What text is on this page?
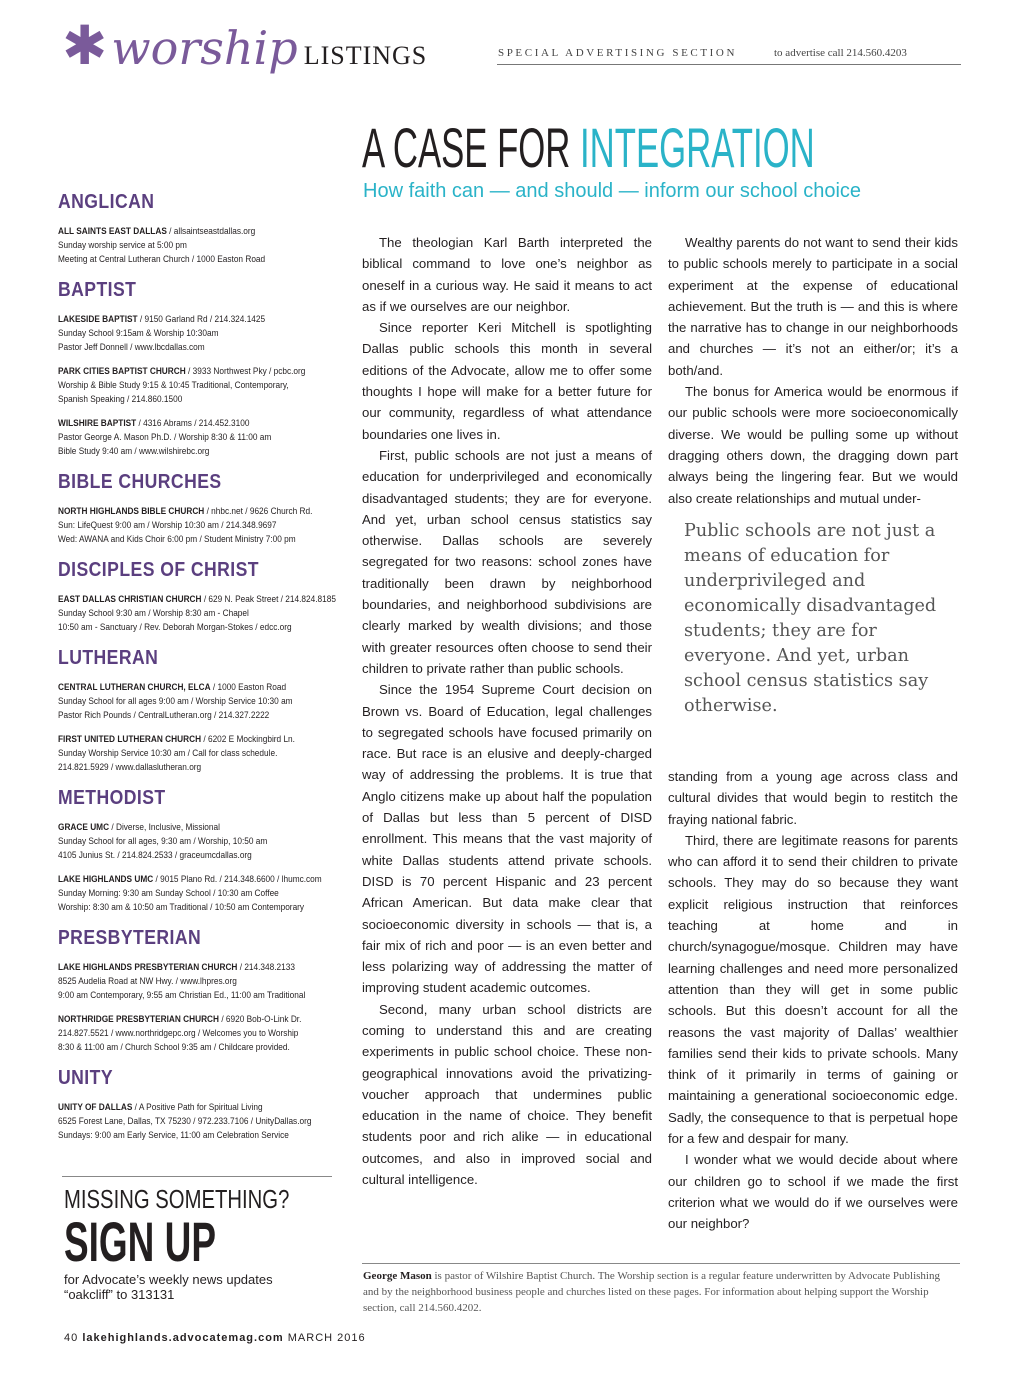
✱ worship LISTINGS	SPECIAL ADVERTISING SECTION	to advertise call 214.560.4203
ANGLICAN
ALL SAINTS EAST DALLAS / allsaintseastdallas.org
Sunday worship service at 5:00 pm
Meeting at Central Lutheran Church / 1000 Easton Road
BAPTIST
LAKESIDE BAPTIST / 9150 Garland Rd / 214.324.1425
Sunday School 9:15am & Worship 10:30am
Pastor Jeff Donnell / www.lbcdallas.com
PARK CITIES BAPTIST CHURCH / 3933 Northwest Pky / pcbc.org
Worship & Bible Study 9:15 & 10:45 Traditional, Contemporary,
Spanish Speaking / 214.860.1500
WILSHIRE BAPTIST / 4316 Abrams / 214.452.3100
Pastor George A. Mason Ph.D. / Worship 8:30 & 11:00 am
Bible Study 9:40 am / www.wilshirebc.org
BIBLE CHURCHES
NORTH HIGHLANDS BIBLE CHURCH / nhbc.net / 9626 Church Rd.
Sun: LifeQuest 9:00 am / Worship 10:30 am / 214.348.9697
Wed: AWANA and Kids Choir 6:00 pm / Student Ministry 7:00 pm
DISCIPLES OF CHRIST
EAST DALLAS CHRISTIAN CHURCH / 629 N. Peak Street / 214.824.8185
Sunday School 9:30 am / Worship 8:30 am - Chapel
10:50 am - Sanctuary / Rev. Deborah Morgan-Stokes / edcc.org
LUTHERAN
CENTRAL LUTHERAN CHURCH, ELCA / 1000 Easton Road
Sunday School for all ages 9:00 am / Worship Service 10:30 am
Pastor Rich Pounds / CentralLutheran.org / 214.327.2222
FIRST UNITED LUTHERAN CHURCH / 6202 E Mockingbird Ln.
Sunday Worship Service 10:30 am / Call for class schedule.
214.821.5929 / www.dallaslutheran.org
METHODIST
GRACE UMC / Diverse, Inclusive, Missional
Sunday School for all ages, 9:30 am / Worship, 10:50 am
4105 Junius St. / 214.824.2533 / graceumcdallas.org
LAKE HIGHLANDS UMC / 9015 Plano Rd. / 214.348.6600 / lhumc.com
Sunday Morning: 9:30 am Sunday School / 10:30 am Coffee
Worship: 8:30 am & 10:50 am Traditional / 10:50 am Contemporary
PRESBYTERIAN
LAKE HIGHLANDS PRESBYTERIAN CHURCH / 214.348.2133
8525 Audelia Road at NW Hwy. / www.lhpres.org
9:00 am Contemporary, 9:55 am Christian Ed., 11:00 am Traditional
NORTHRIDGE PRESBYTERIAN CHURCH / 6920 Bob-O-Link Dr.
214.827.5521 / www.northridgepc.org / Welcomes you to Worship
8:30 & 11:00 am / Church School 9:35 am / Childcare provided.
UNITY
UNITY OF DALLAS / A Positive Path for Spiritual Living
6525 Forest Lane, Dallas, TX 75230 / 972.233.7106 / UnityDallas.org
Sundays: 9:00 am Early Service, 11:00 am Celebration Service
MISSING SOMETHING?
SIGN UP
for Advocate’s weekly news updates
“oakcliff” to 313131
40 lakehighlands.advocatemag.com MARCH 2016
A CASE FOR INTEGRATION
How faith can — and should — inform our school choice

The theologian Karl Barth interpreted the biblical command to love one’s neighbor as oneself in a curious way. He said it means to act as if we ourselves are our neighbor.

Since reporter Keri Mitchell is spotlighting Dallas public schools this month in several editions of the Advocate, allow me to offer some thoughts I hope will make for a better future for our community, regardless of what attendance boundaries one lives in.

First, public schools are not just a means of education for underprivileged and economically disadvantaged students; they are for everyone. And yet, urban school census statistics say otherwise. Dallas schools are severely segregated for two reasons: school zones have traditionally been drawn by neighborhood boundaries, and neighborhood subdivisions are clearly marked by wealth divisions; and those with greater resources often choose to send their children to private rather than public schools.

Since the 1954 Supreme Court decision on Brown vs. Board of Education, legal challenges to segregated schools have focused primarily on race. But race is an elusive and deeply-charged way of addressing the problems. It is true that Anglo citizens make up about half the population of Dallas but less than 5 percent of DISD enrollment. This means that the vast majority of white Dallas students attend private schools. DISD is 70 percent Hispanic and 23 percent African American. But data make clear that socioeconomic diversity in schools — that is, a fair mix of rich and poor — is an even better and less polarizing way of addressing the matter of improving student academic outcomes.

Second, many urban school districts are coming to understand this and are creating experiments in public school choice. These non-geographical innovations avoid the privatizing-voucher approach that undermines public education in the name of choice. They benefit students poor and rich alike — in educational outcomes, and also in improved social and cultural intelligence.

Wealthy parents do not want to send their kids to public schools merely to participate in a social experiment at the expense of educational achievement. But the truth is — and this is where the narrative has to change in our neighborhoods and churches — it’s not an either/or; it’s a both/and.

The bonus for America would be enormous if our public schools were more socioeconomically diverse. We would be pulling some up without dragging others down, the dragging down part always being the lingering fear. But we would also create relationships and mutual under-

Public schools are not just a means of education for underprivileged and economically disadvantaged students; they are for everyone. And yet, urban school census statistics say otherwise.

standing from a young age across class and cultural divides that would begin to restitch the fraying national fabric.

Third, there are legitimate reasons for parents who can afford it to send their children to private schools. They may do so because they want explicit religious instruction that reinforces teaching at home and in church/synagogue/mosque. Children may have learning challenges and need more personalized attention than they will get in some public schools. But this doesn’t account for all the reasons the vast majority of Dallas’ wealthier families send their kids to private schools. Many think of it primarily in terms of gaining or maintaining a generational socioeconomic edge. Sadly, the consequence to that is perpetual hope for a few and despair for many.

I wonder what we would decide about where our children go to school if we made the first criterion what we would do if we ourselves were our neighbor?

George Mason is pastor of Wilshire Baptist Church. The Worship section is a regular feature underwritten by Advocate Publishing and by the neighborhood business people and churches listed on these pages. For information about helping support the Worship section, call 214.560.4202.
